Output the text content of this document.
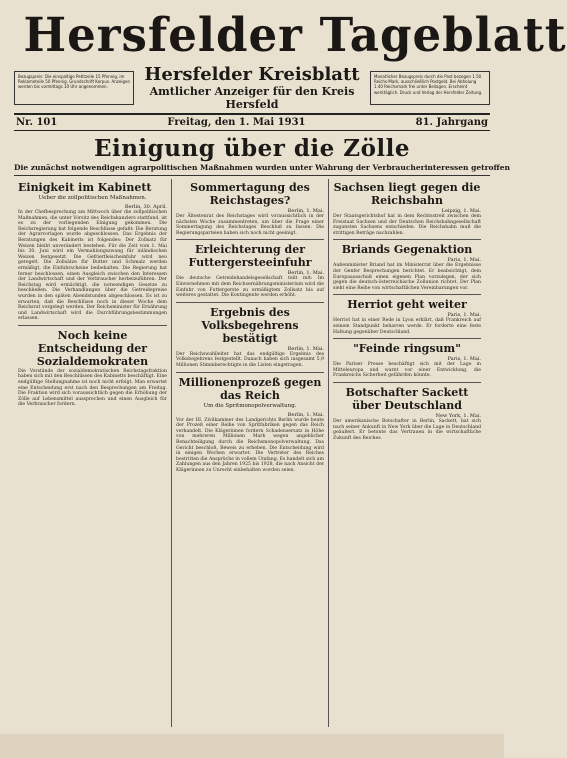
Hersfelder Tageblatt
Bezugspreis: Die einspaltige Petitzeile 15 Pfennig, im Reklameteile 50 Pfennig. Grundschrift Korpus. Anzeigen werden bis vormittags 10 Uhr angenommen.
Hersfelder Kreisblatt
Amtlicher Anzeiger für den Kreis Hersfeld
Monatlicher Bezugspreis durch die Post bezogen 1.50 Reichs-Mark, ausschließlich Postgeld. Bei Abholung 1.40 Reichsmark frei unter Beilagen. Erscheint werktäglich. Druck und Verlag der Hersfelder Zeitung.
Nr. 101	Freitag, den 1. Mai 1931	81. Jahrgang
Einigung über die Zölle
Die zunächst notwendigen agrarpolitischen Maßnahmen wurden unter Wahrung der Verbraucherinteressen getroffen
Einigkeit im Kabinett
Ueber die zollpolitischen Maßnahmen.
Berlin, 30. April.
In der Chefbesprechung am Mittwoch über die zollpolitischen Maßnahmen, die unter Vorsitz des Reichskanzlers stattfand, ist es zu der vorliegenden Einigung gekommen. Die Reichsregierung hat folgende Beschlüsse gefaßt: Die Beratung der Agrarvorlagen wurde abgeschlossen. Das Ergebnis der Beratungen des Kabinetts ist folgendes: Der Zollsatz für Weizen bleibt unverändert bestehen. Für die Zeit vom 1. Mai bis 30. Juni wird ein Vermahlungszwang für inländischen Weizen festgesetzt. Die Gefrierfleischeinfuhr wird neu geregelt. Die Zollsätze für Butter und Schmalz werden ermäßigt, die Einfuhrscheine beibehalten. Die Regierung hat ferner beschlossen, einen Ausgleich zwischen den Interessen der Landwirtschaft und der Verbraucher herbeizuführen. Der Reichstag wird ermächtigt, die notwendigen Gesetze zu beschließen. Die Verhandlungen über die Getreidepreise wurden in den späten Abendstunden abgeschlossen. Es ist zu erwarten, daß die Beschlüsse noch in dieser Woche dem Reichsrat vorgelegt werden. Der Reichsminister für Ernährung und Landwirtschaft wird die Durchführungsbestimmungen erlassen.
Noch keine Entscheidung der Sozialdemokraten
Die Vorstände der sozialdemokratischen Reichstagsfraktion haben sich mit den Beschlüssen des Kabinetts beschäftigt. Eine endgültige Stellungnahme ist noch nicht erfolgt. Man erwartet eine Entscheidung erst nach den Besprechungen am Freitag. Die Fraktion wird sich voraussichtlich gegen die Erhöhung der Zölle auf Lebensmittel aussprechen und einen Ausgleich für die Verbraucher fordern.
Sommertagung des Reichstages?
Berlin, 1. Mai.
Der Ältestenrat des Reichstages wird voraussichtlich in der nächsten Woche zusammentreten, um über die Frage einer Sommertagung des Reichstages Beschluß zu fassen. Die Regierungsparteien haben sich noch nicht geeinigt.
Erleichterung der Futtergersteeinfuhr
Berlin, 1. Mai.
Die deutsche Getreidehandelsgesellschaft teilt mit: Im Einvernehmen mit dem Reichsernährungsministerium wird die Einfuhr von Futtergerste zu ermäßigtem Zollsatz bis auf weiteres gestattet. Die Kontingente werden erhöht.
Ergebnis des Volksbegehrens bestätigt
Berlin, 1. Mai.
Der Reichswahlleiter hat das endgültige Ergebnis des Volksbegehrens festgestellt. Danach haben sich insgesamt 5,9 Millionen Stimmberechtigte in die Listen eingetragen.
Millionenprozeß gegen das Reich
Um die Spritmonopolverwaltung.
Berlin, 1. Mai.
Vor der III. Zivilkammer des Landgerichts Berlin wurde heute der Prozeß einer Reihe von Spritfabriken gegen das Reich verhandelt. Die Klägerinnen fordern Schadensersatz in Höhe von mehreren Millionen Mark wegen angeblicher Benachteiligung durch die Reichsmonopolverwaltung. Das Gericht beschloß, Beweis zu erheben. Die Entscheidung wird in einigen Wochen erwartet. Die Vertreter des Reiches bestritten die Ansprüche in vollem Umfang. Es handelt sich um Zahlungen aus den Jahren 1925 bis 1928, die nach Ansicht der Klägerinnen zu Unrecht einbehalten worden seien.
Sachsen liegt gegen die Reichsbahn
Leipzig, 1. Mai.
Der Staatsgerichtshof hat in dem Rechtsstreit zwischen dem Freistaat Sachsen und der Deutschen Reichsbahngesellschaft zugunsten Sachsens entschieden. Die Reichsbahn muß die strittigen Beträge nachzahlen.
Briands Gegenaktion
Paris, 1. Mai.
Außenminister Briand hat im Ministerrat über die Ergebnisse der Genfer Besprechungen berichtet. Er beabsichtigt, dem Europaausschuß einen eigenen Plan vorzulegen, der sich gegen die deutsch-österreichische Zollunion richtet. Der Plan sieht eine Reihe von wirtschaftlichen Vereinbarungen vor.
Herriot geht weiter
Paris, 1. Mai.
Herriot hat in einer Rede in Lyon erklärt, daß Frankreich auf seinem Standpunkt beharren werde. Er forderte eine feste Haltung gegenüber Deutschland.
"Feinde ringsum"
Paris, 1. Mai.
Die Pariser Presse beschäftigt sich mit der Lage in Mitteleuropa und warnt vor einer Entwicklung, die Frankreichs Sicherheit gefährden könnte.
Botschafter Sackett über Deutschland
New York, 1. Mai.
Der amerikanische Botschafter in Berlin, Sackett, hat sich nach seiner Ankunft in New York über die Lage in Deutschland geäußert. Er betonte das Vertrauen in die wirtschaftliche Zukunft des Reiches.
